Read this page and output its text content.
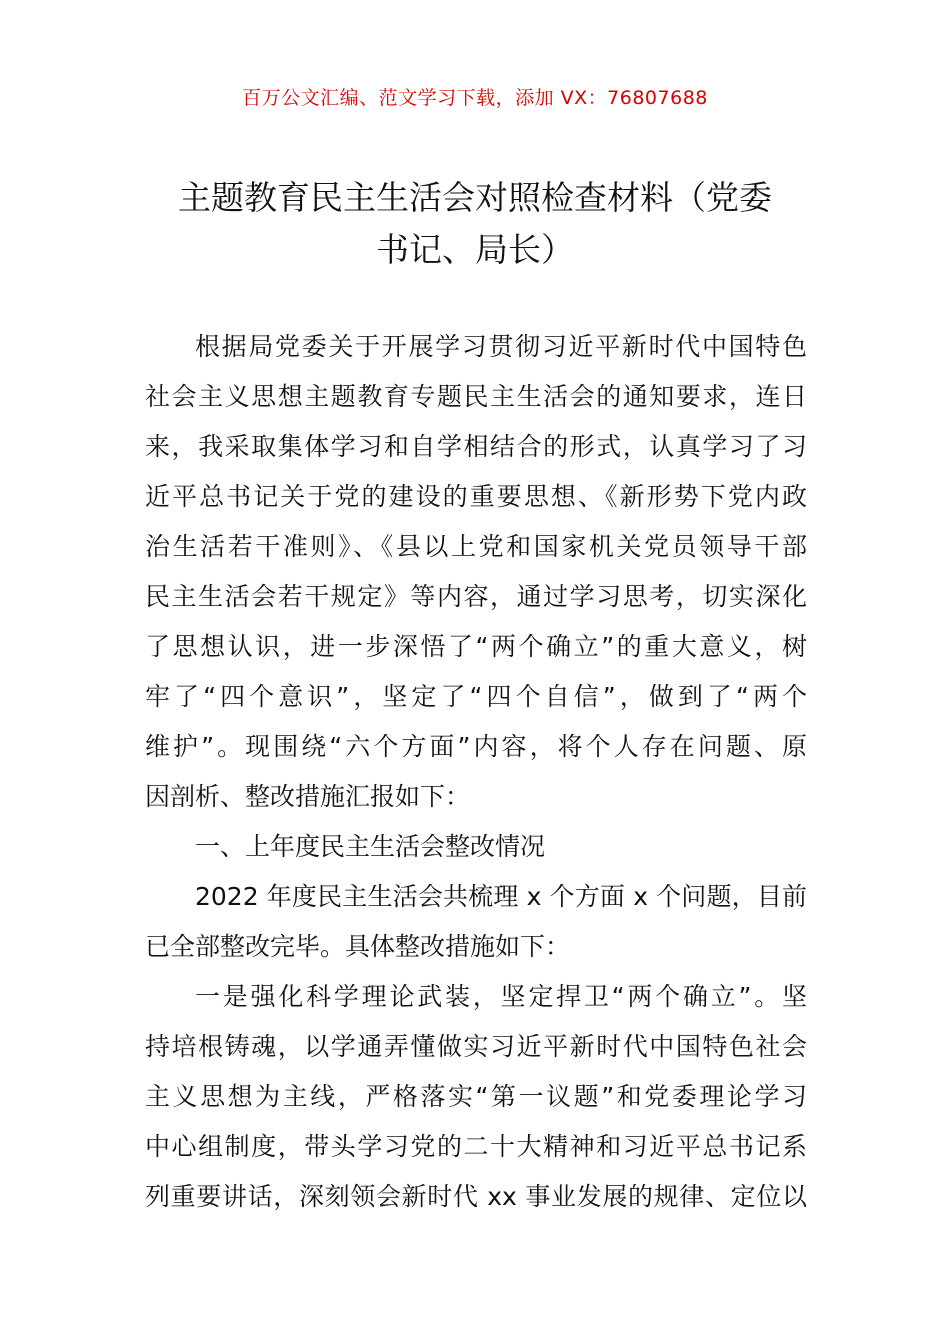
百万公文汇编、范文学习下载，添加 VX：76807688
主题教育民主生活会对照检查材料（党委
书记、局长）
根据局党委关于开展学习贯彻习近平新时代中国特色
社会主义思想主题教育专题民主生活会的通知要求，连日
来，我采取集体学习和自学相结合的形式，认真学习了习
近平总书记关于党的建设的重要思想、《新形势下党内政
治生活若干准则》、《县以上党和国家机关党员领导干部
民主生活会若干规定》等内容，通过学习思考，切实深化
了思想认识，进一步深悟了“两个确立”的重大意义，树
牢了“四个意识”，坚定了“四个自信”，做到了“两个
维护”。现围绕“六个方面”内容，将个人存在问题、原
因剖析、整改措施汇报如下：
一、上年度民主生活会整改情况
2022 年度民主生活会共梳理 x 个方面 x 个问题，目前
已全部整改完毕。具体整改措施如下：
一是强化科学理论武装，坚定捍卫“两个确立”。坚
持培根铸魂，以学通弄懂做实习近平新时代中国特色社会
主义思想为主线，严格落实“第一议题”和党委理论学习
中心组制度，带头学习党的二十大精神和习近平总书记系
列重要讲话，深刻领会新时代 xx 事业发展的规律、定位以
